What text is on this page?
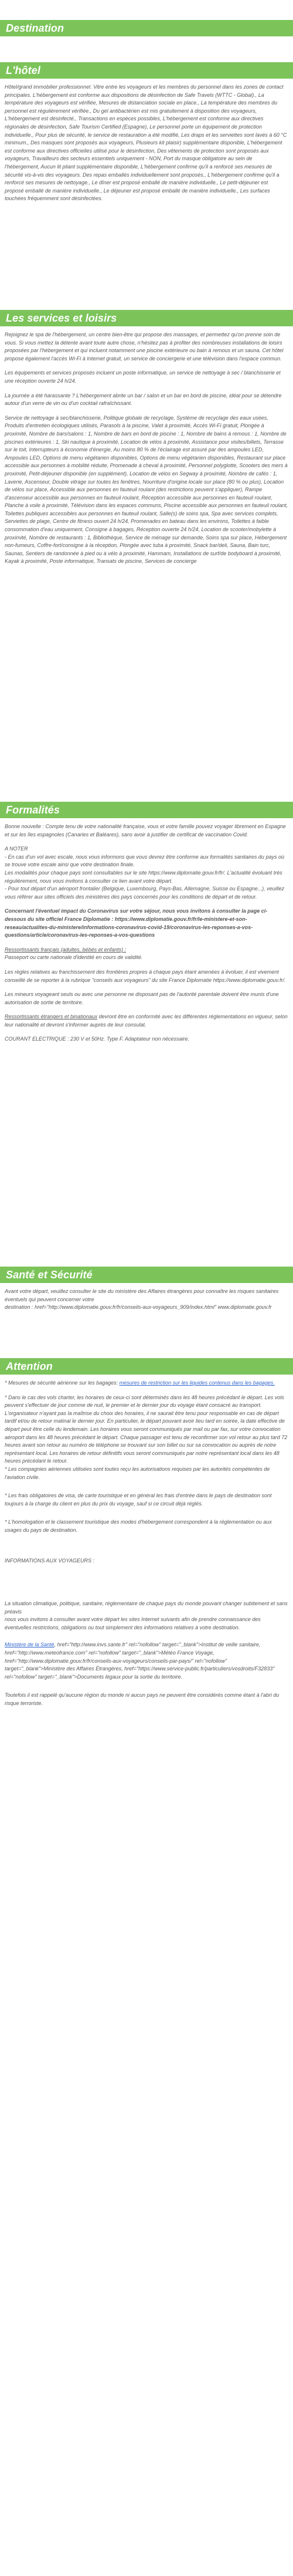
Destination
L'hôtel

Hôtel/grand immobilier professionnel. Vitre entre les voyageurs et les membres du personnel dans les zones de contact principales. L'hébergement est conforme aux dispositions de désinfection de Safe Travels (WTTC - Global)., La température des voyageurs est vérifiée, Mesures de distanciation sociale en place., La température des membres du personnel est régulièrement vérifiée., Du gel antibactérien est mis gratuitement à disposition des voyageurs, L'hébergement est désinfecté., Transactions en espèces possibles, L'hébergement est conforme aux directives régionales de désinfection, Safe Tourism Certified (Espagne), Le personnel porte un équipement de protection individuelle., Pour plus de sécurité, le service de restauration a été modifié, Les draps et les serviettes sont lavés à 60 °C minimum., Des masques sont proposés aux voyageurs, Plusieurs kit plaisir) supplémentaire disponible, L'hébergement est conforme aux directives officielles utilisé pour le désinfection, Des vêtements de protection sont proposés aux voyageurs, Travailleurs des secteurs essentiels uniquement - NON, Port du masque obligatoire au sein de l'hébergement, Aucun lit pliant supplémentaire disponible, L'hébergement confirme qu'il a renforcé ses mesures de sécurité vis-à-vis des voyageurs. Des repas emballés individuellement sont proposés., L'hébergement confirme qu'il a renforcé ses mesures de nettoyage., Le dîner est proposé emballé de manière individuelle., Le petit-déjeuner est proposé emballé de manière individuelle., Le déjeuner est proposé emballé de manière individuelle., Les surfaces touchées fréquemment sont désinfectées.

Les services et loisirs

Rejoignez le spa de l'hébergement, un centre bien-être qui propose des massages, et permettez qu'on prenne soin de vous. Si vous mettez la détente avant toute autre chose, n'hésitez pas à profiter des nombreuses installations de loisirs proposées par l'hébergement et qui incluent notamment une piscine extérieure ou bain à remous et un sauna. Cet hôtel propose également l'accès Wi-Fi à Internet gratuit, un service de conciergerie et une télévision dans l'espace commun.

Les équipements et services proposés incluent un poste informatique, un service de nettoyage à sec / blanchisserie et une réception ouverte 24 h/24.

La journée a été harassante ? L'hébergement abrite un bar / salon et un bar en bord de piscine, idéal pour se détendre autour d'un verre de vin ou d'un cocktail rafraîchissant.

Service de nettoyage à sec/blanchisserie, Politique globale de recyclage, Système de recyclage des eaux usées, Produits d'entretien écologiques utilisés, Parasols à la piscine, Valet à proximité, Accès Wi-Fi gratuit, Plongée à proximité, Nombre de bars/salons : 1, Nombre de bars en bord de piscine : 1, Nombre de bains à remous : 1, Nombre de piscines extérieures : 1, Ski nautique à proximité, Location de vélos à proximité, Assistance pour visites/billets, Terrasse sur le toit, Interrupteurs à économie d'énergie, Au moins 80 % de l'éclairage est assuré par des ampoules LED, Ampoules LED, Options de menu végétarien disponibles, Options de menu végétarien disponibles, Restaurant sur place accessible aux personnes à mobilité réduite, Promenade à cheval à proximité, Personnel polyglotte, Scooters des mers à proximité, Petit-déjeuner disponible (en supplément), Location de vélos en Segway à proximité, Nombre de cafés : 1, Laverie, Ascenseur, Double vitrage sur toutes les fenêtres, Nourriture d'origine locale sur place (80 % ou plus), Location de vélos sur place, Accessible aux personnes en fauteuil roulant (des restrictions peuvent s'appliquer), Rampe d'ascenseur accessible aux personnes en fauteuil roulant, Réception accessible aux personnes en fauteuil roulant, Planche à voile à proximité, Télévision dans les espaces communs, Piscine accessible aux personnes en fauteuil roulant, Toilettes publiques accessibles aux personnes en fauteuil roulant, Salle(s) de soins spa, Spa avec services complets, Serviettes de plage, Centre de fitness ouvert 24 h/24, Promenades en bateau dans les environs, Toilettes à faible consommation d'eau uniquement, Consigne à bagages, Réception ouverte 24 h/24, Location de scooter/mobylette à proximité, Nombre de restaurants : 1, Bibliothèque, Service de ménage sur demande, Soins spa sur place, Hébergement non-fumeurs, Coffre-fort/consigne à la réception, Plongée avec tuba à proximité, Snack bar/deli, Sauna, Bain turc, Saunas, Sentiers de randonnée à pied ou à vélo à proximité, Hammam, Installations de surf/de bodyboard à proximité, Kayak à proximité, Poste informatique, Transats de piscine, Services de concierge

Formalités

Bonne nouvelle : Compte tenu de votre nationalité française, vous et votre famille pouvez voyager librement en Espagne et sur les îles espagnoles (Canaries et Baléares), sans avoir à justifier de certificat de vaccination Covid.

A NOTER
- En cas d'un vol avec escale, nous vous informons que vous devrez être conforme aux formalités sanitaires du pays où se trouve votre escale ainsi que votre destination finale.
Les modalités pour chaque pays sont consultables sur le site https://www.diplomatie.gouv.fr/fr/. L'actualité évoluant très régulièrement, nous vous invitons à consulter ce lien avant votre départ.
- Pour tout départ d'un aéroport frontalier (Belgique, Luxembourg, Pays-Bas, Allemagne, Suisse ou Espagne...), veuillez vous référer aux sites officiels des ministères des pays concernés pour les conditions de départ et de retour.

Concernant l'éventuel impact du Coronavirus sur votre séjour, nous vous invitons à consulter la page ci-dessous du site officiel France Diplomatie : https://www.diplomatie.gouv.fr/fr/le-ministere-et-son-reseau/actualites-du-ministere/informations-coronavirus-covid-19/coronavirus-les-reponses-a-vos-questions/article/coronavirus-les-reponses-a-vos-questions

Ressortissants français (adultes, bébés et enfants) :
Passeport ou carte nationale d'identité en cours de validité.

Les règles relatives au franchissement des frontières propres à chaque pays étant amenées à évoluer, il est vivement conseillé de se reporter à la rubrique "conseils aux voyageurs" du site France Diplomatie https://www.diplomatie.gouv.fr/.

Les mineurs voyageant seuls ou avec une personne ne disposant pas de l'autorité parentale doivent être munis d'une autorisation de sortie de territoire.

Ressortissants étrangers et binationaux devront être en conformité avec les différentes réglementations en vigueur, selon leur nationalité et devront s'informer auprès de leur consulat.

COURANT ELECTRIQUE : 230 V et 50Hz. Type F. Adaptateur non nécessaire.

Santé et Sécurité

Avant votre départ, veuillez consulter le site du ministère des Affaires étrangères pour connaître les risques sanitaires éventuels qui peuvent concerner votre
destination : href="http://www.diplomatie.gouv.fr/fr/conseils-aux-voyageurs_909/index.html" www.diplomatie.gouv.fr

Attention

* Mesures de sécurité aérienne sur les bagages: mesures de restriction sur les liquides contenus dans les bagages.

* Dans le cas des vols charter, les horaires de ceux-ci sont déterminés dans les 48 heures précédant le départ. Les vols peuvent s'effectuer de jour comme de nuit, le premier et le dernier jour du voyage étant consacré au transport. L'organisateur n'ayant pas la maîtrise du choix des horaires, il ne saurait être tenu pour responsable en cas de départ tardif et/ou de retour matinal le dernier jour. En particulier, le départ pouvant avoir lieu tard en soirée, la date effective de départ peut être celle du lendemain. Les horaires vous seront communiqués par mail ou par fax, sur votre convocation aéroport dans les 48 heures précédant le départ. Chaque passager est tenu de reconfirmer son vol retour au plus tard 72 heures avant son retour au numéro de téléphone se trouvant sur son billet ou sur sa convocation ou auprès de notre représentant local. Les horaires de retour définitifs vous seront communiqués par notre représentant local dans les 48 heures précédant le retour.
* Les compagnies aériennes utilisées sont toutes reçu les autorisations requises par les autorités compétentes de l'aviation civile.

* Les frais obligatoires de visa, de carte touristique et en général les frais d'entrée dans le pays de destination sont toujours à la charge du client en plus du prix du voyage, sauf si ce circuit déjà réglés.

* L'homologation et le classement touristique des modes d'hébergement correspondent à la réglementation ou aux usages du pays de destination.

INFORMATIONS AUX VOYAGEURS :

La situation climatique, politique, sanitaire, réglementaire de chaque pays du monde pouvant changer subitement et sans préavis
nous vous invitons à consulter avant votre départ les sites Internet suivants afin de prendre connaissance des éventuelles restrictions, obligations ou tout simplement des informations relatives à votre destination.

Ministère de la Santé, href="http://www.invs.sante.fr" rel="nofollow" target="_blank">Institut de veille sanitaire,
href="http://www.meteofrance.com" rel="nofollow" target="_blank">Météo France Voyage, href="http://www.diplomatie.gouv.fr/fr/conseils-aux-voyageurs/conseils-par-pays/" rel="nofollow" target="_blank">Ministère des Affaires Étrangères, href="https://www.service-public.fr/particuliers/vosdroits/F32833" rel="nofollow" target="_blank">Documents légaux pour la sortie du territoire.

Toutefois il est rappelé qu'aucune région du monde ni aucun pays ne peuvent être considérés comme étant à l'abri du risque terroriste.
